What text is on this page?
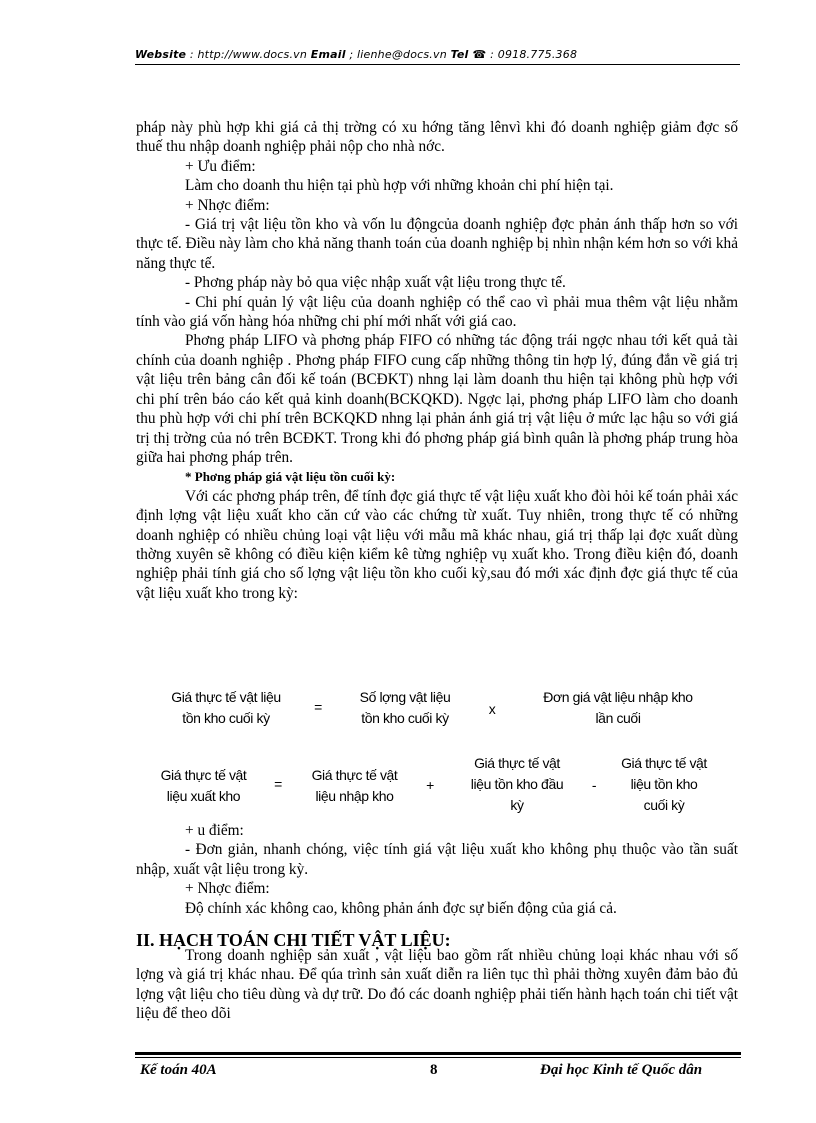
Website : http://www.docs.vn Email ; lienhe@docs.vn Tel ☎ : 0918.775.368

pháp này phù hợp khi giá cả thị trờng có xu hớng tăng lênvì khi đó doanh nghiệp giảm đợc số thuế thu nhập doanh nghiệp phải nộp cho nhà nớc.

+ Ưu điểm:

Làm cho doanh thu hiện tại phù hợp với những khoản chi phí hiện tại.

+ Nhợc điểm:

- Giá trị vật liệu tồn kho và vốn lu độngcủa doanh nghiệp đợc phản ánh thấp hơn so với thực tế. Điều này làm cho khả năng thanh toán của doanh nghiệp bị nhìn nhận kém hơn so với khả năng thực tế.

- Phơng pháp này bỏ qua việc nhập xuất vật liệu trong thực tế.

- Chi phí quản lý vật liệu của doanh nghiệp có thể cao vì phải mua thêm vật liệu nhằm tính vào giá vốn hàng hóa những chi phí mới nhất với giá cao.

Phơng pháp LIFO và phơng pháp FIFO có những tác động trái ngợc nhau tới kết quả tài chính của doanh nghiệp . Phơng pháp FIFO cung cấp những thông tin hợp lý, đúng đắn về giá trị vật liệu trên bảng cân đối kế toán (BCĐKT) nhng lại làm doanh thu hiện tại không phù hợp với chi phí trên báo cáo kết quả kinh doanh(BCKQKD). Ngợc lại, phơng pháp LIFO làm cho doanh thu phù hợp với chi phí trên BCKQKD nhng lại phản ánh giá trị vật liệu ở mức lạc hậu so với giá trị thị trờng của nó trên BCĐKT. Trong khi đó phơng pháp giá bình quân là phơng pháp trung hòa giữa hai phơng pháp trên.

* Phơng pháp giá vật liệu tồn cuối kỳ:

Với các phơng pháp trên, để tính đợc giá thực tế vật liệu xuất kho đòi hỏi kế toán phải xác định lợng vật liệu xuất kho căn cứ vào các chứng từ xuất. Tuy nhiên, trong thực tế có những doanh nghiệp có nhiều chủng loại vật liệu với mẫu mã khác nhau, giá trị thấp lại đợc xuất dùng thờng xuyên sẽ không có điều kiện kiểm kê từng nghiệp vụ xuất kho. Trong điều kiện đó, doanh nghiệp phải tính giá cho số lợng vật liệu tồn kho cuối kỳ,sau đó mới xác định đợc giá thực tế của vật liệu xuất kho trong kỳ:

Giá thực tế vật liệu
tồn kho cuối kỳ
=
Số lợng vật liệu
tồn kho cuối kỳ
x
Đơn giá vật liệu nhập kho
lần cuối
Giá thực tế vật
liệu xuất kho
=
Giá thực tế vật
liệu nhập kho
+
Giá thực tế vật
liệu tồn kho đầu
kỳ
-
Giá thực tế vật
liệu tồn kho
cuối kỳ

+ u điểm:

- Đơn giản, nhanh chóng, việc tính giá vật liệu xuất kho không phụ thuộc vào tần suất nhập, xuất vật liệu trong kỳ.

+ Nhợc điểm:

Độ chính xác không cao, không phản ánh đợc sự biến động của giá cả.

II. HẠCH TOÁN CHI TIẾT VẬT LIỆU:

Trong doanh nghiệp sản xuất , vật liệu bao gồm rất nhiều chủng loại khác nhau với số lợng và giá trị khác nhau. Để qúa trình sản xuất diễn ra liên tục thì phải thờng xuyên đảm bảo đủ lợng vật liệu cho tiêu dùng và dự trữ. Do đó các doanh nghiệp phải tiến hành hạch toán chi tiết vật liệu để theo dõi

Kế toán 40A	8	Đại học Kinh tế Quốc dân
